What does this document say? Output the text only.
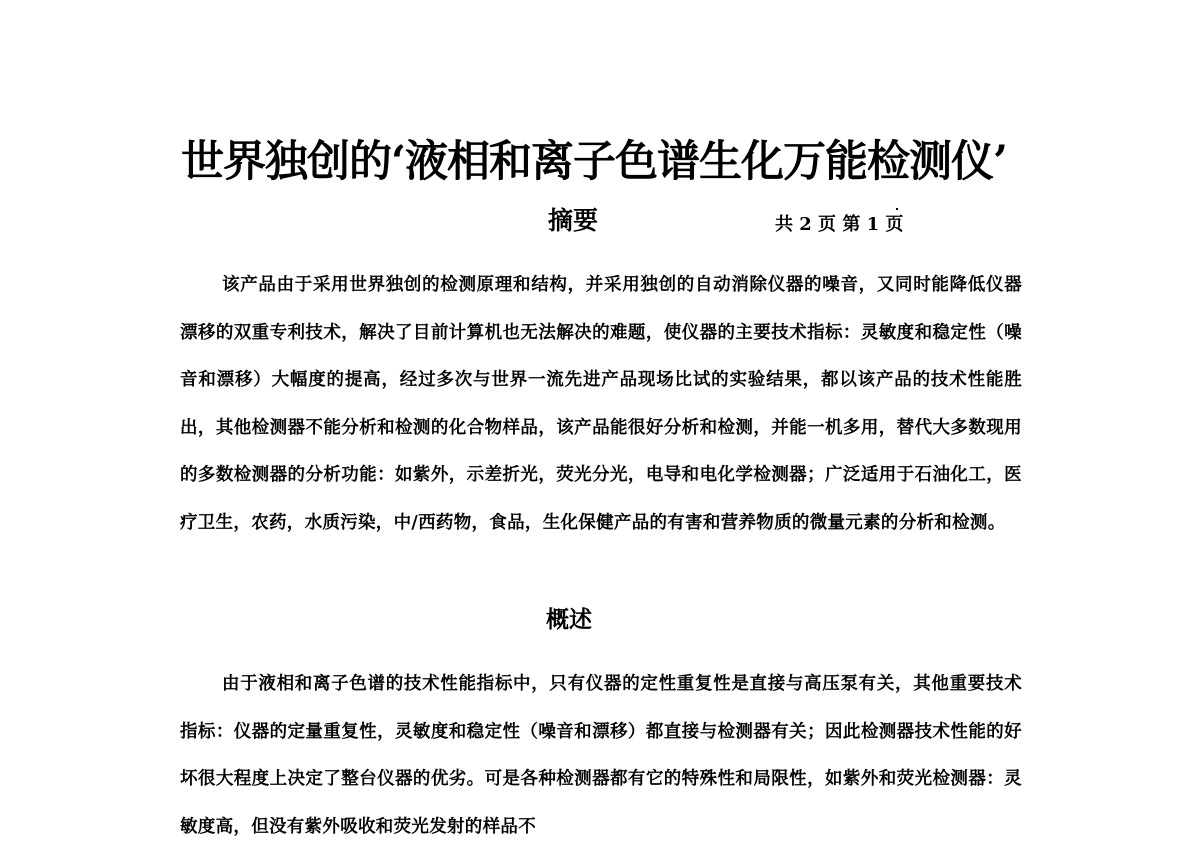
世界独创的‘液相和离子色谱生化万能检测仪’
摘要	共 2 页 第 1 页
该产品由于采用世界独创的检测原理和结构，并采用独创的自动消除仪器的噪音，又同时能降低仪器漂移的双重专利技术，解决了目前计算机也无法解决的难题，使仪器的主要技术指标：灵敏度和稳定性（噪音和漂移）大幅度的提高，经过多次与世界一流先进产品现场比试的实验结果，都以该产品的技术性能胜出，其他检测器不能分析和检测的化合物样品，该产品能很好分析和检测，并能一机多用，替代大多数现用的多数检测器的分析功能：如紫外，示差折光，荧光分光，电导和电化学检测器；广泛适用于石油化工，医疗卫生，农药，水质污染，中/西药物，食品，生化保健产品的有害和营养物质的微量元素的分析和检测。
概述
由于液相和离子色谱的技术性能指标中，只有仪器的定性重复性是直接与高压泵有关，其他重要技术指标：仪器的定量重复性，灵敏度和稳定性（噪音和漂移）都直接与检测器有关；因此检测器技术性能的好坏很大程度上决定了整台仪器的优劣。可是各种检测器都有它的特殊性和局限性，如紫外和荧光检测器：灵敏度高，但没有紫外吸收和荧光发射的样品不
